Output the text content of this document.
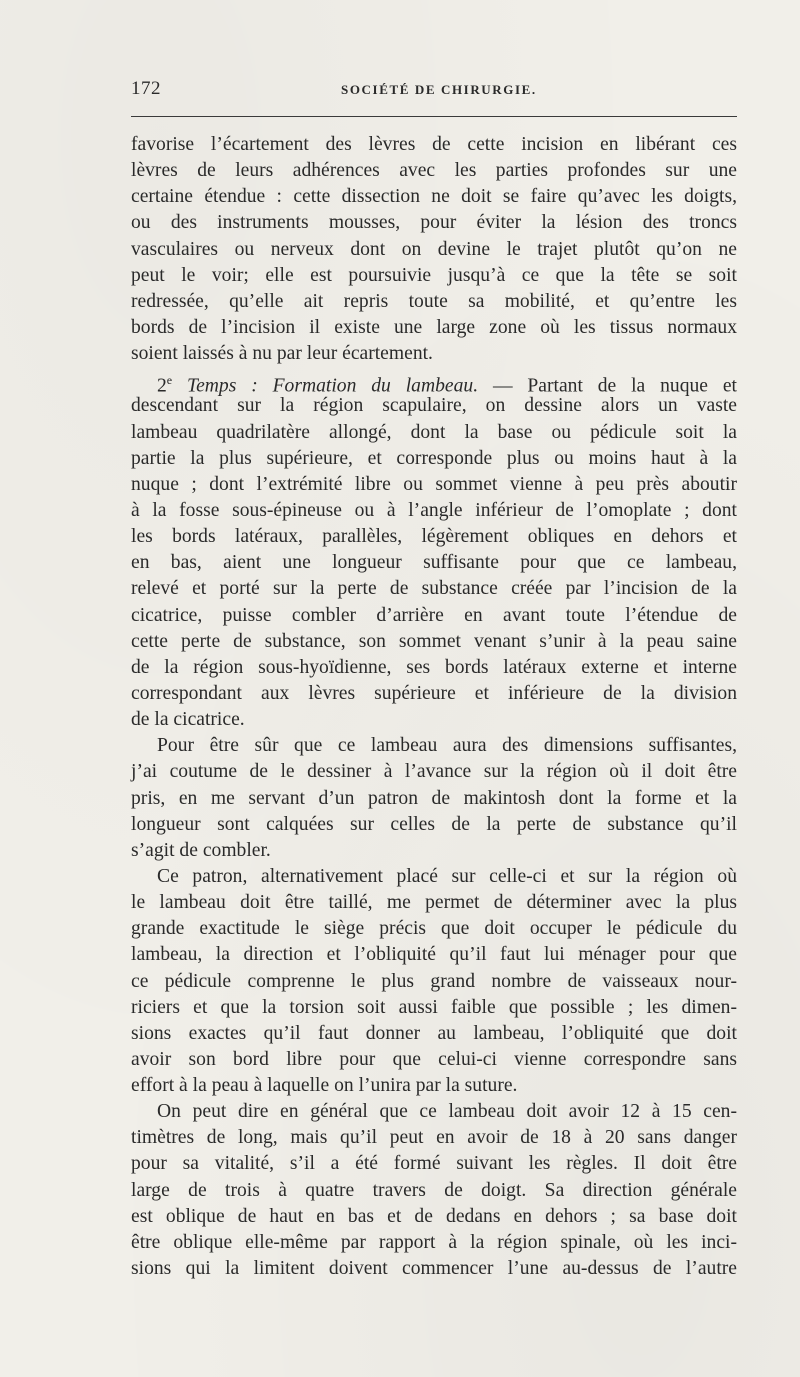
172	SOCIÉTÉ DE CHIRURGIE.
favorise l’écartement des lèvres de cette incision en libérant ces
lèvres de leurs adhérences avec les parties profondes sur une
certaine étendue : cette dissection ne doit se faire qu’avec les doigts,
ou des instruments mousses, pour éviter la lésion des troncs
vasculaires ou nerveux dont on devine le trajet plutôt qu’on ne
peut le voir; elle est poursuivie jusqu’à ce que la tête se soit
redressée, qu’elle ait repris toute sa mobilité, et qu’entre les
bords de l’incision il existe une large zone où les tissus normaux
soient laissés à nu par leur écartement.
2e Temps : Formation du lambeau. — Partant de la nuque et
descendant sur la région scapulaire, on dessine alors un vaste
lambeau quadrilatère allongé, dont la base ou pédicule soit la
partie la plus supérieure, et corresponde plus ou moins haut à la
nuque ; dont l’extrémité libre ou sommet vienne à peu près aboutir
à la fosse sous-épineuse ou à l’angle inférieur de l’omoplate ; dont
les bords latéraux, parallèles, légèrement obliques en dehors et
en bas, aient une longueur suffisante pour que ce lambeau,
relevé et porté sur la perte de substance créée par l’incision de la
cicatrice, puisse combler d’arrière en avant toute l’étendue de
cette perte de substance, son sommet venant s’unir à la peau saine
de la région sous-hyoïdienne, ses bords latéraux externe et interne
correspondant aux lèvres supérieure et inférieure de la division
de la cicatrice.
Pour être sûr que ce lambeau aura des dimensions suffisantes,
j’ai coutume de le dessiner à l’avance sur la région où il doit être
pris, en me servant d’un patron de makintosh dont la forme et la
longueur sont calquées sur celles de la perte de substance qu’il
s’agit de combler.
Ce patron, alternativement placé sur celle-ci et sur la région où
le lambeau doit être taillé, me permet de déterminer avec la plus
grande exactitude le siège précis que doit occuper le pédicule du
lambeau, la direction et l’obliquité qu’il faut lui ménager pour que
ce pédicule comprenne le plus grand nombre de vaisseaux nour-
riciers et que la torsion soit aussi faible que possible ; les dimen-
sions exactes qu’il faut donner au lambeau, l’obliquité que doit
avoir son bord libre pour que celui-ci vienne correspondre sans
effort à la peau à laquelle on l’unira par la suture.
On peut dire en général que ce lambeau doit avoir 12 à 15 cen-
timètres de long, mais qu’il peut en avoir de 18 à 20 sans danger
pour sa vitalité, s’il a été formé suivant les règles. Il doit être
large de trois à quatre travers de doigt. Sa direction générale
est oblique de haut en bas et de dedans en dehors ; sa base doit
être oblique elle-même par rapport à la région spinale, où les inci-
sions qui la limitent doivent commencer l’une au-dessus de l’autre
